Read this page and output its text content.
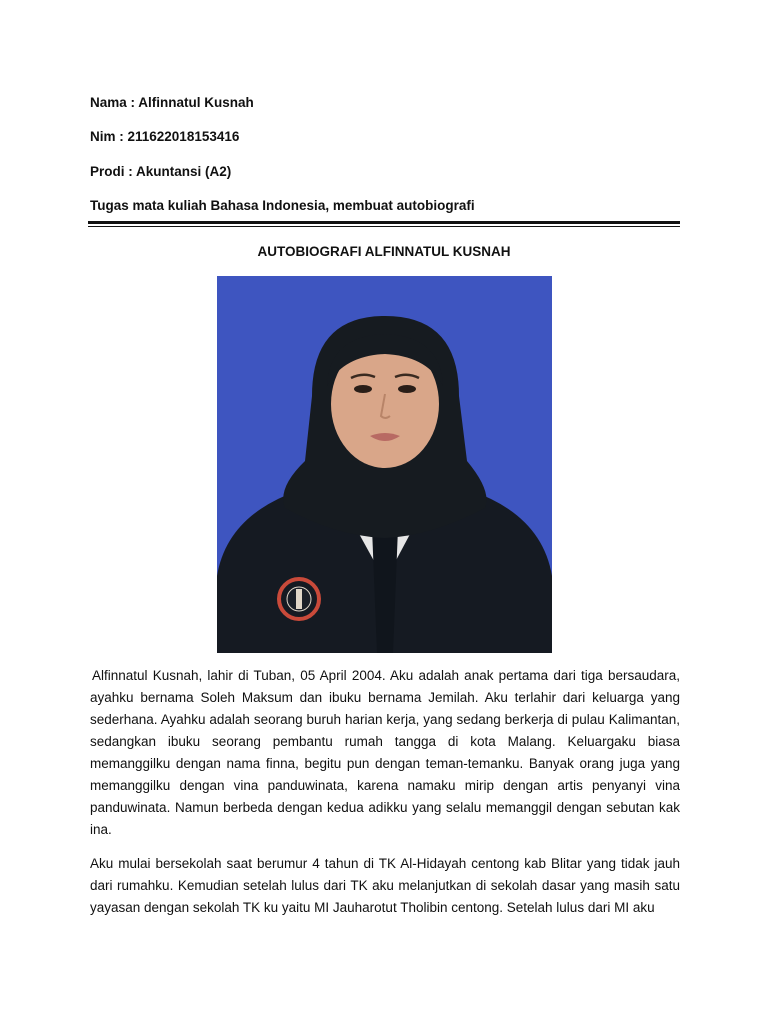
Nama : Alfinnatul Kusnah

Nim : 211622018153416

Prodi : Akuntansi (A2)

Tugas mata kuliah Bahasa Indonesia, membuat autobiografi

AUTOBIOGRAFI ALFINNATUL KUSNAH

Alfinnatul Kusnah, lahir di Tuban, 05 April 2004. Aku adalah anak pertama dari tiga bersaudara, ayahku bernama Soleh Maksum dan ibuku bernama Jemilah. Aku terlahir dari keluarga yang sederhana. Ayahku adalah seorang buruh harian kerja, yang sedang berkerja di pulau Kalimantan, sedangkan ibuku seorang pembantu rumah tangga di kota Malang. Keluargaku biasa memanggilku dengan nama finna, begitu pun dengan teman-temanku. Banyak orang juga yang memanggilku dengan vina panduwinata, karena namaku mirip dengan artis penyanyi vina panduwinata. Namun berbeda dengan kedua adikku yang selalu memanggil dengan sebutan kak ina.

Aku mulai bersekolah saat berumur 4 tahun di TK Al-Hidayah centong kab Blitar yang tidak jauh dari rumahku. Kemudian setelah lulus dari TK aku melanjutkan di sekolah dasar yang masih satu yayasan dengan sekolah TK ku yaitu MI Jauharotut Tholibin centong. Setelah lulus dari MI aku
